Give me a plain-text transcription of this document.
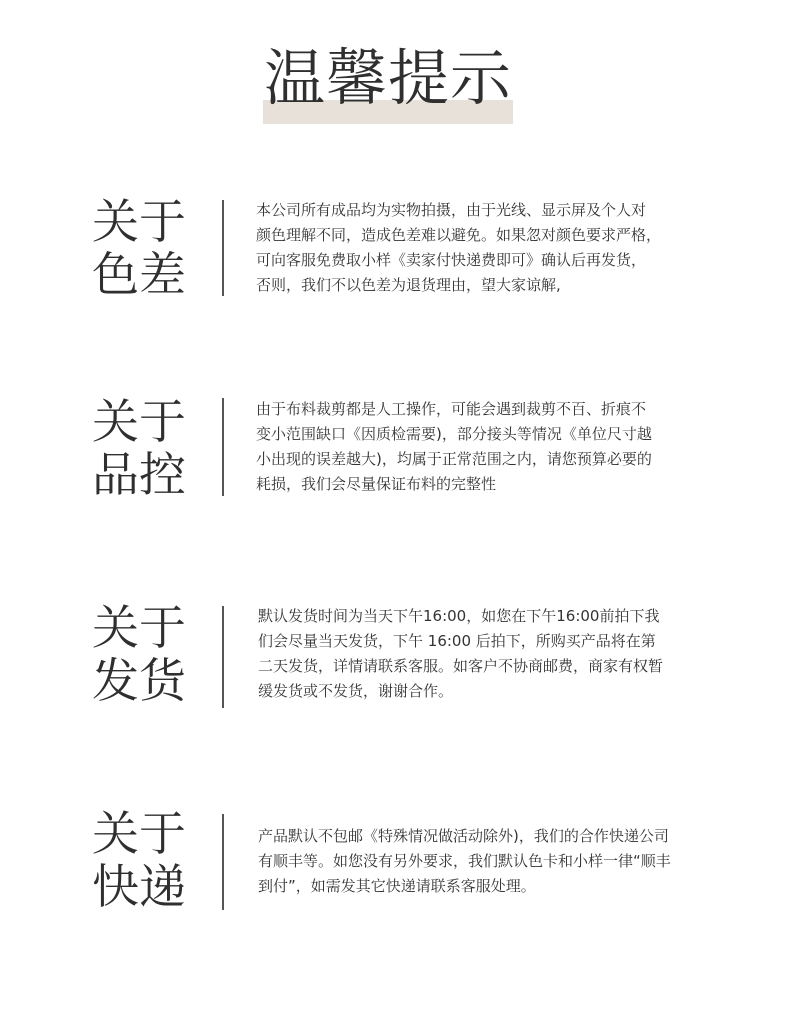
温馨提示
关于
色差
本公司所有成品均为实物拍摄，由于光线、显示屏及个人对
颜色理解不同，造成色差难以避免。如果忽对颜色要求严格，
可向客服免费取小样《卖家付快递费即可》确认后再发货，
否则，我们不以色差为退货理由，望大家谅解,
关于
品控
由于布料裁剪都是人工操作，可能会遇到裁剪不百、折痕不
变小范围缺口《因质检需要)，部分接头等情况《单位尺寸越
小出现的误差越大)，均属于正常范围之内，请您预算必要的
耗损，我们会尽量保证布料的完整性
关于
发货
默认发货时间为当天下午16:00，如您在下午16:00前拍下我
们会尽量当天发货，下午 16:00 后拍下，所购买产品将在第
二天发货，详情请联系客服。如客户不协商邮费，商家有权暂
缓发货或不发货，谢谢合作。
关于
快递
产品默认不包邮《特殊情况做活动除外)，我们的合作快递公司
有顺丰等。如您没有另外要求，我们默认色卡和小样一律“顺丰
到付”，如需发其它快递请联系客服处理。
